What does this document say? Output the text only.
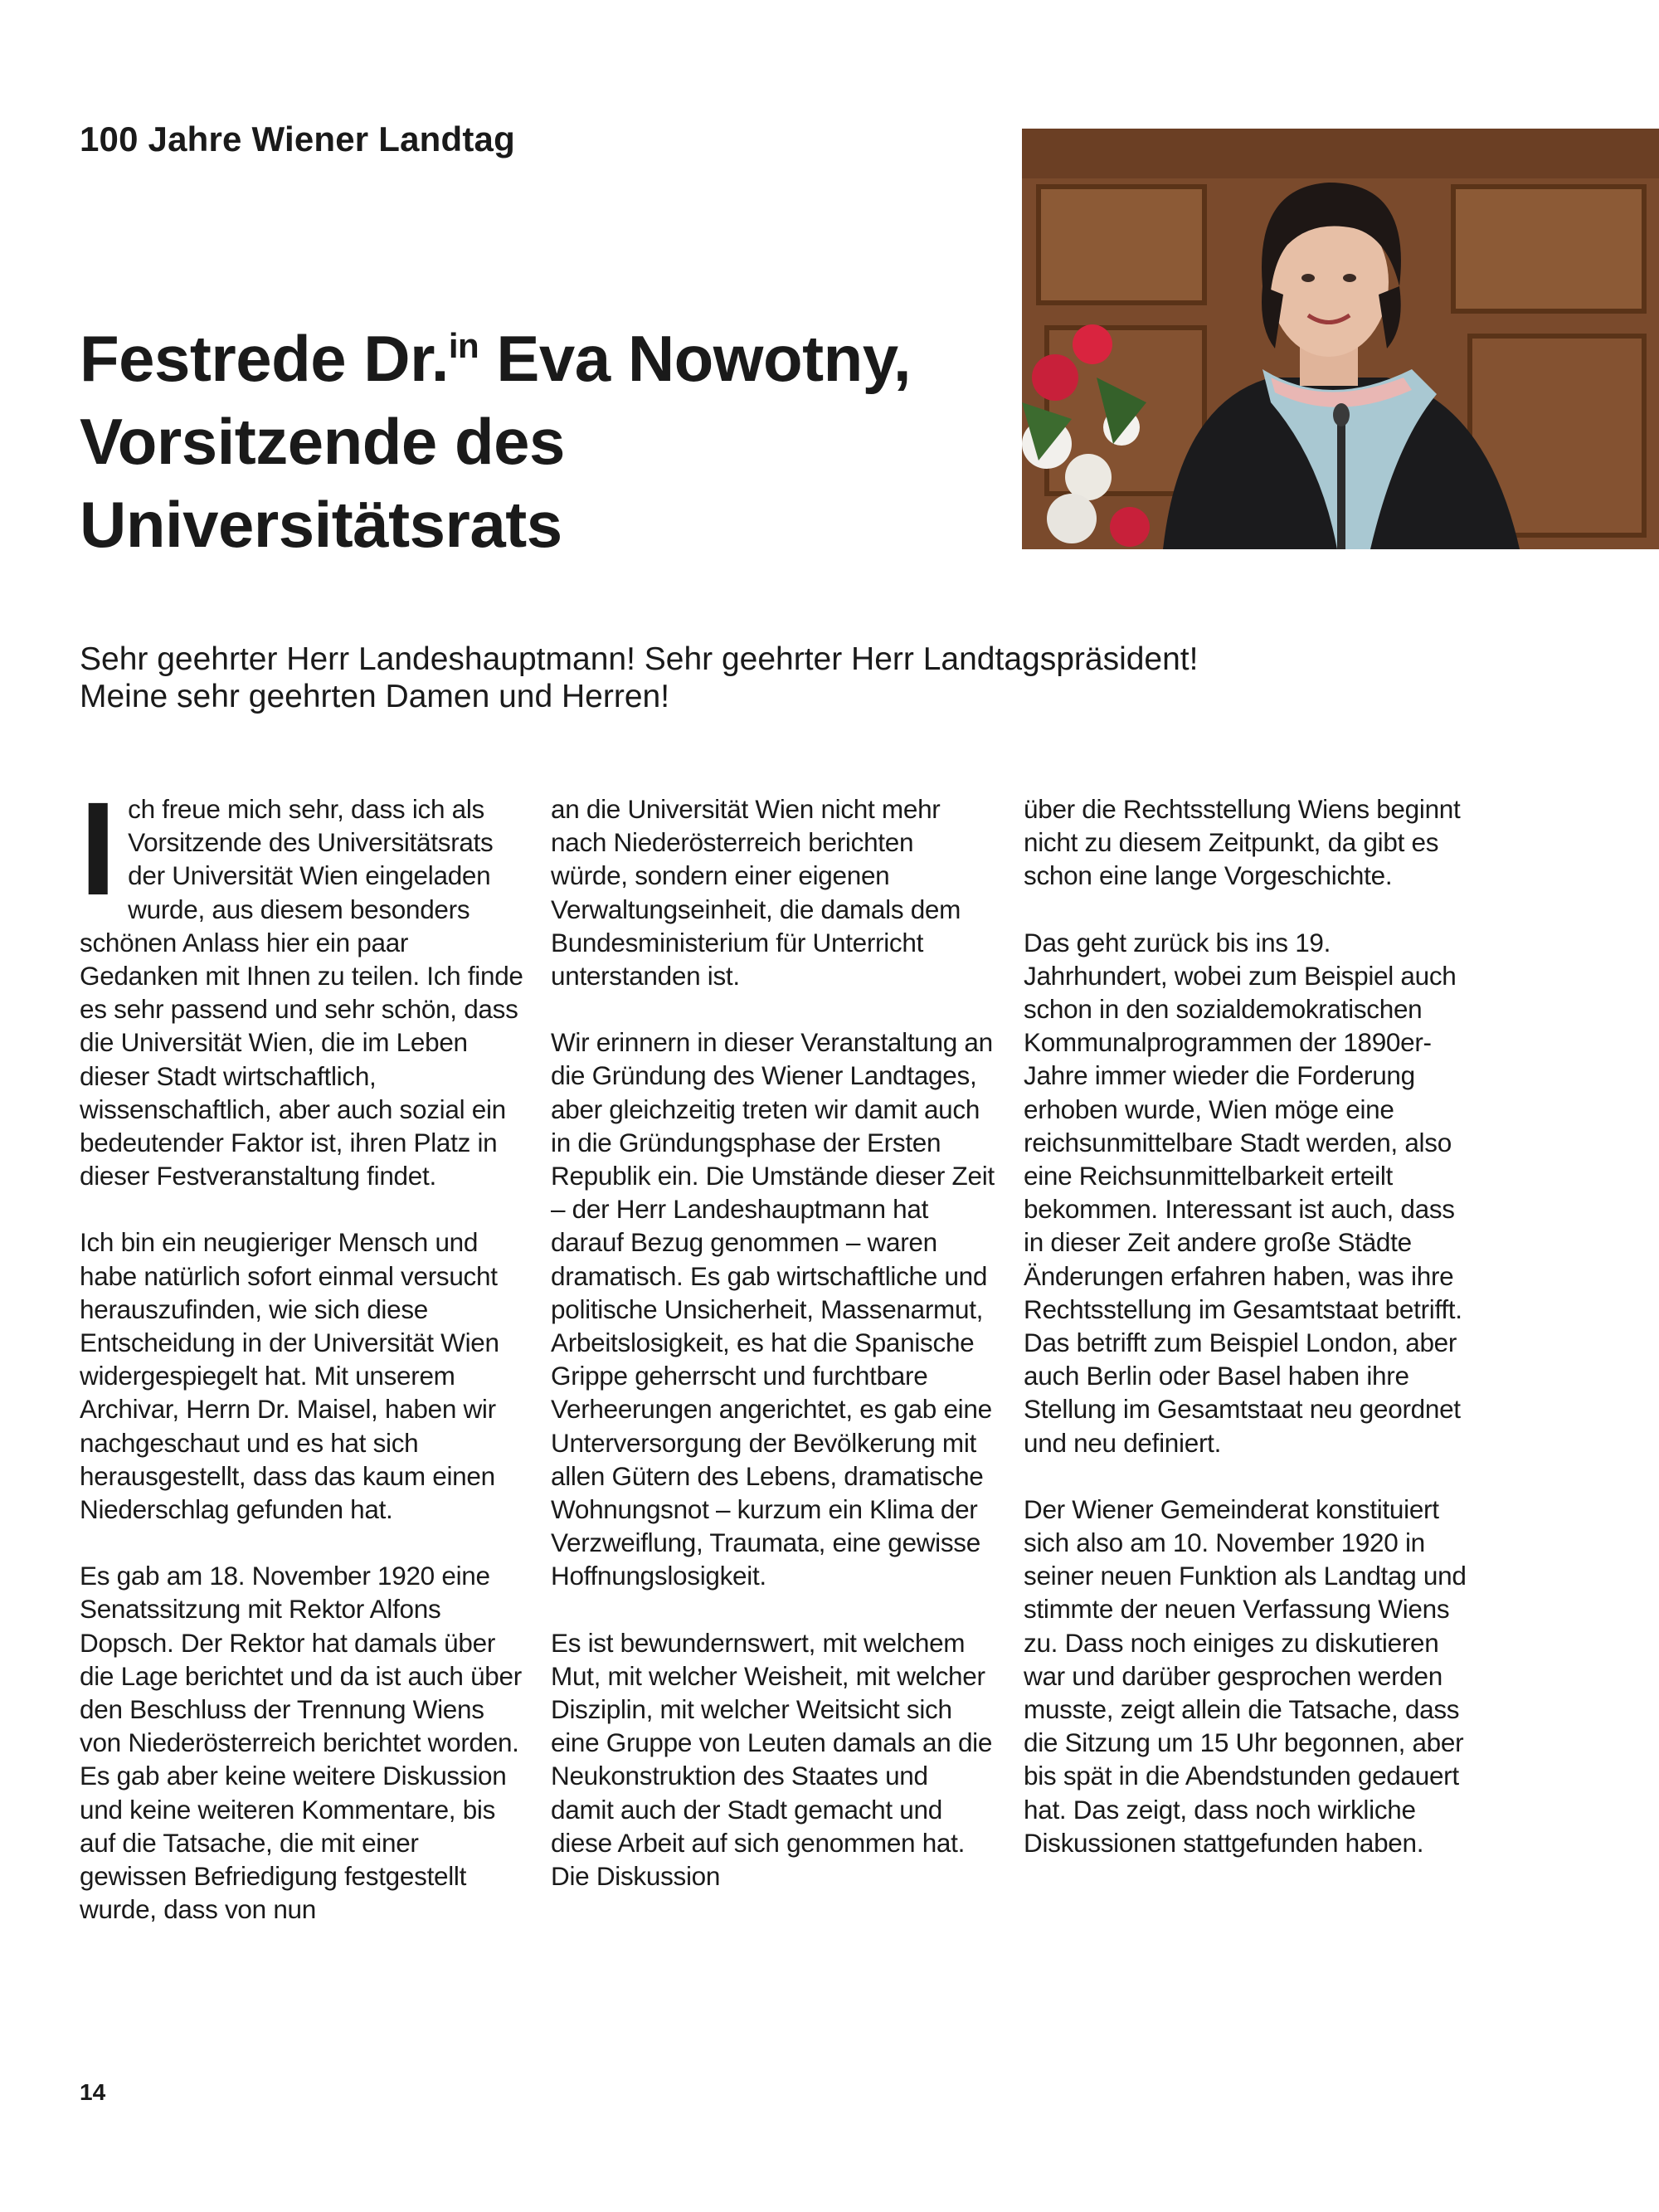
100 Jahre Wiener Landtag
Festrede Dr.$^{in}$ Eva Nowotny, Vorsitzende des Universitätsrats

Sehr geehrter Herr Landeshauptmann! Sehr geehrter Herr Landtagspräsident!

Meine sehr geehrten Damen und Herren!

Ich freue mich sehr, dass ich als Vorsitzende des Universitätsrats der Universität Wien eingeladen wurde, aus diesem besonders schönen Anlass hier ein paar Gedanken mit Ihnen zu teilen. Ich finde es sehr passend und sehr schön, dass die Universität Wien, die im Leben dieser Stadt wirtschaftlich, wissenschaftlich, aber auch sozial ein bedeutender Faktor ist, ihren Platz in dieser Festveranstaltung findet.

Ich bin ein neugieriger Mensch und habe natürlich sofort einmal versucht herauszufinden, wie sich diese Entscheidung in der Universität Wien widergespiegelt hat. Mit unserem Archivar, Herrn Dr. Maisel, haben wir nachgeschaut und es hat sich herausgestellt, dass das kaum einen Niederschlag gefunden hat.

Es gab am 18. November 1920 eine Senatssitzung mit Rektor Alfons Dopsch. Der Rektor hat damals über die Lage berichtet und da ist auch über den Beschluss der Trennung Wiens von Niederösterreich berichtet worden. Es gab aber keine weitere Diskussion und keine weiteren Kommentare, bis auf die Tatsache, die mit einer gewissen Befriedigung festgestellt wurde, dass von nun

an die Universität Wien nicht mehr nach Niederösterreich berichten würde, sondern einer eigenen Verwaltungseinheit, die damals dem Bundesministerium für Unterricht unterstanden ist.

Wir erinnern in dieser Veranstaltung an die Gründung des Wiener Landtages, aber gleichzeitig treten wir damit auch in die Gründungsphase der Ersten Republik ein. Die Umstände dieser Zeit – der Herr Landeshauptmann hat darauf Bezug genommen – waren dramatisch. Es gab wirtschaftliche und politische Unsicherheit, Massenarmut, Arbeitslosigkeit, es hat die Spanische Grippe geherrscht und furchtbare Verheerungen angerichtet, es gab eine Unterversorgung der Bevölkerung mit allen Gütern des Lebens, dramatische Wohnungsnot – kurzum ein Klima der Verzweiflung, Traumata, eine gewisse Hoffnungslosigkeit.

Es ist bewundernswert, mit welchem Mut, mit welcher Weisheit, mit welcher Disziplin, mit welcher Weitsicht sich eine Gruppe von Leuten damals an die Neukonstruktion des Staates und damit auch der Stadt gemacht und diese Arbeit auf sich genommen hat. Die Diskussion

über die Rechtsstellung Wiens beginnt nicht zu diesem Zeitpunkt, da gibt es schon eine lange Vorgeschichte.

Das geht zurück bis ins 19. Jahrhundert, wobei zum Beispiel auch schon in den sozialdemokratischen Kommunalprogrammen der 1890er-Jahre immer wieder die Forderung erhoben wurde, Wien möge eine reichsunmittelbare Stadt werden, also eine Reichsunmittelbarkeit erteilt bekommen. Interessant ist auch, dass in dieser Zeit andere große Städte Änderungen erfahren haben, was ihre Rechtsstellung im Gesamtstaat betrifft. Das betrifft zum Beispiel London, aber auch Berlin oder Basel haben ihre Stellung im Gesamtstaat neu geordnet und neu definiert.

Der Wiener Gemeinderat konstituiert sich also am 10. November 1920 in seiner neuen Funktion als Landtag und stimmte der neuen Verfassung Wiens zu. Dass noch einiges zu diskutieren war und darüber gesprochen werden musste, zeigt allein die Tatsache, dass die Sitzung um 15 Uhr begonnen, aber bis spät in die Abendstunden gedauert hat. Das zeigt, dass noch wirkliche Diskussionen stattgefunden haben.

14
